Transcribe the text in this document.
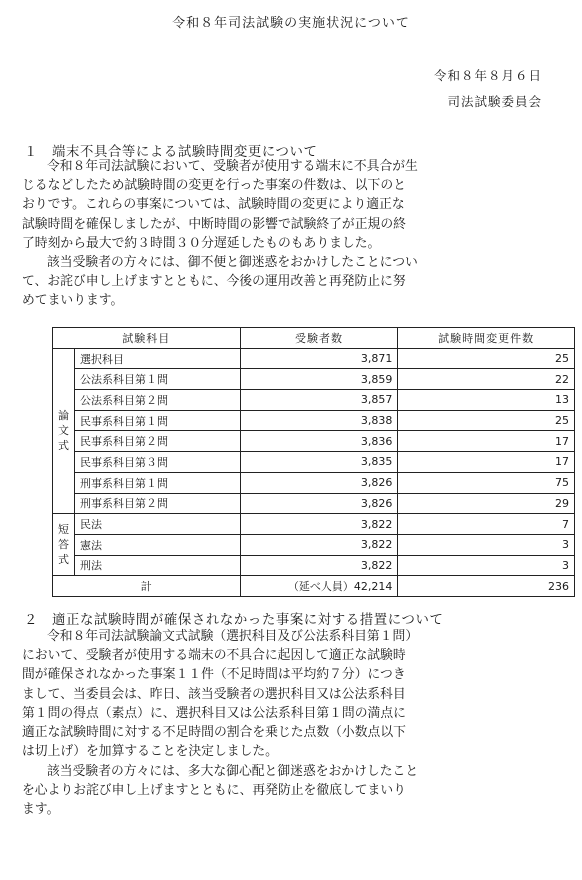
令和８年司法試験の実施状況について
令和８年８月６日
司法試験委員会
１　端末不具合等による試験時間変更について
令和８年司法試験において、受験者が使用する端末に不具合が生
じるなどしたため試験時間の変更を行った事案の件数は、以下のと
おりです。これらの事案については、試験時間の変更により適正な
試験時間を確保しましたが、中断時間の影響で試験終了が正規の終
了時刻から最大で約３時間３０分遅延したものもありました。
該当受験者の方々には、御不便と御迷惑をおかけしたことについ
て、お詫び申し上げますとともに、今後の運用改善と再発防止に努
めてまいります。
試験科目		受験者数	試験時間変更件数
論
文
式	選択科目	3,871	25
	公法系科目第１問	3,859	22
	公法系科目第２問	3,857	13
	民事系科目第１問	3,838	25
	民事系科目第２問	3,836	17
	民事系科目第３問	3,835	17
	刑事系科目第１問	3,826	75
	刑事系科目第２問	3,826	29
短
答
式	民法	3,822	7
	憲法	3,822	3
	刑法	3,822	3
計		（延べ人員）42,214	236
２　適正な試験時間が確保されなかった事案に対する措置について
令和８年司法試験論文式試験（選択科目及び公法系科目第１問）
において、受験者が使用する端末の不具合に起因して適正な試験時
間が確保されなかった事案１１件（不足時間は平均約７分）につき
まして、当委員会は、昨日、該当受験者の選択科目又は公法系科目
第１問の得点（素点）に、選択科目又は公法系科目第１問の満点に
適正な試験時間に対する不足時間の割合を乗じた点数（小数点以下
は切上げ）を加算することを決定しました。
該当受験者の方々には、多大な御心配と御迷惑をおかけしたこと
を心よりお詫び申し上げますとともに、再発防止を徹底してまいり
ます。
